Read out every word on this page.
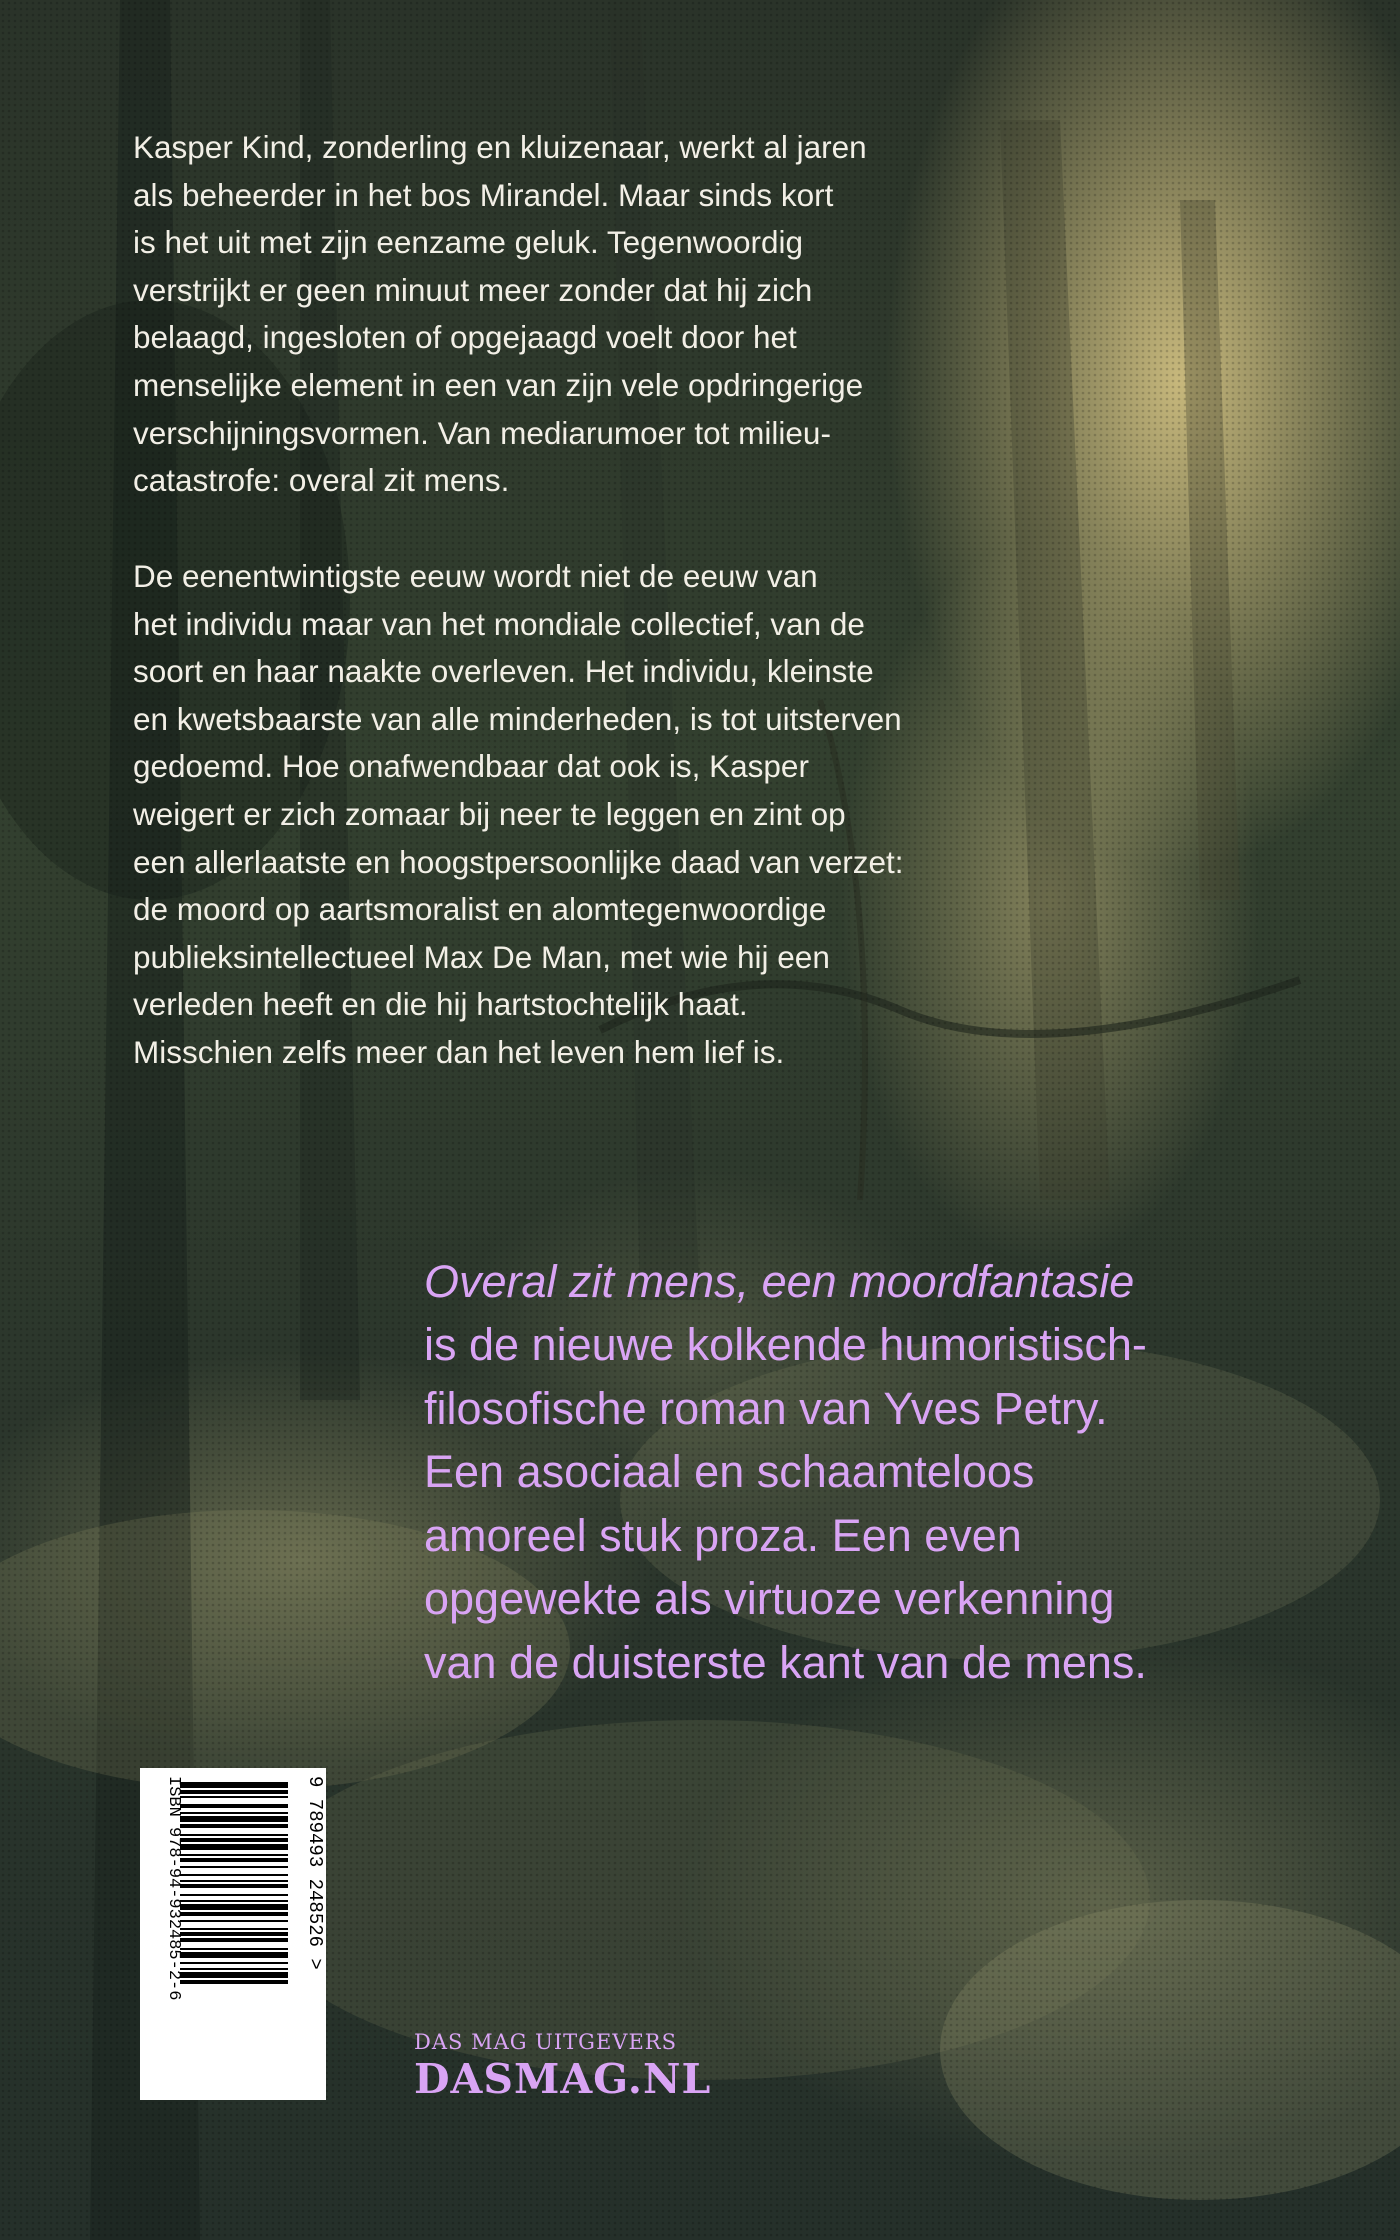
Kasper Kind, zonderling en kluizenaar, werkt al jaren
als beheerder in het bos Mirandel. Maar sinds kort
is het uit met zijn eenzame geluk. Tegenwoordig
verstrijkt er geen minuut meer zonder dat hij zich
belaagd, ingesloten of opgejaagd voelt door het
menselijke element in een van zijn vele opdringerige
verschijningsvormen. Van mediarumoer tot milieu-
catastrofe: overal zit mens.

De eenentwintigste eeuw wordt niet de eeuw van
het individu maar van het mondiale collectief, van de
soort en haar naakte overleven. Het individu, kleinste
en kwetsbaarste van alle minderheden, is tot uitsterven
gedoemd. Hoe onafwendbaar dat ook is, Kasper
weigert er zich zomaar bij neer te leggen en zint op
een allerlaatste en hoogstpersoonlijke daad van verzet:
de moord op aartsmoralist en alomtegenwoordige
publieksintellectueel Max De Man, met wie hij een
verleden heeft en die hij hartstochtelijk haat.
Misschien zelfs meer dan het leven hem lief is.

Overal zit mens, een moordfantasie
is de nieuwe kolkende humoristisch-
filosofische roman van Yves Petry.
Een asociaal en schaamteloos
amoreel stuk proza. Een even
opgewekte als virtuoze verkenning
van de duisterste kant van de mens.

ISBN 978-94-932485-2-6	9 789493 248526 >
DAS MAG UITGEVERS
DASMAG.NL
